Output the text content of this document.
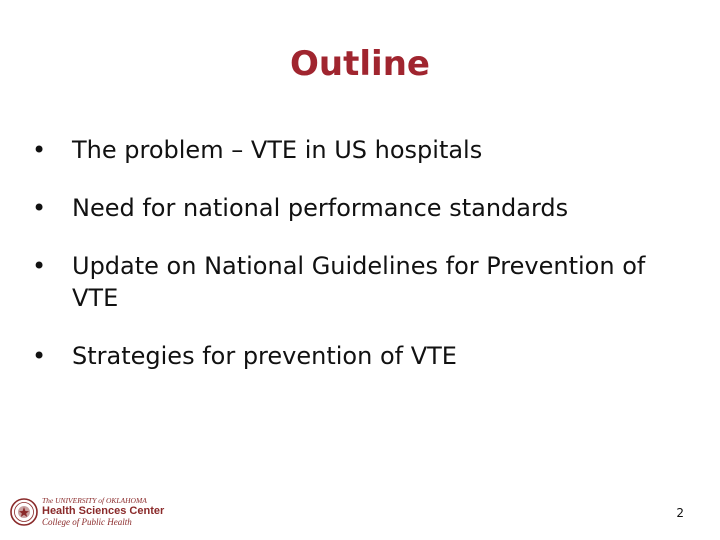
Outline
• The problem – VTE in US hospitals
• Need for national performance standards
• Update on National Guidelines for Prevention of VTE
• Strategies for prevention of VTE
The UNIVERSITY of OKLAHOMA
Health Sciences Center
College of Public Health
2
